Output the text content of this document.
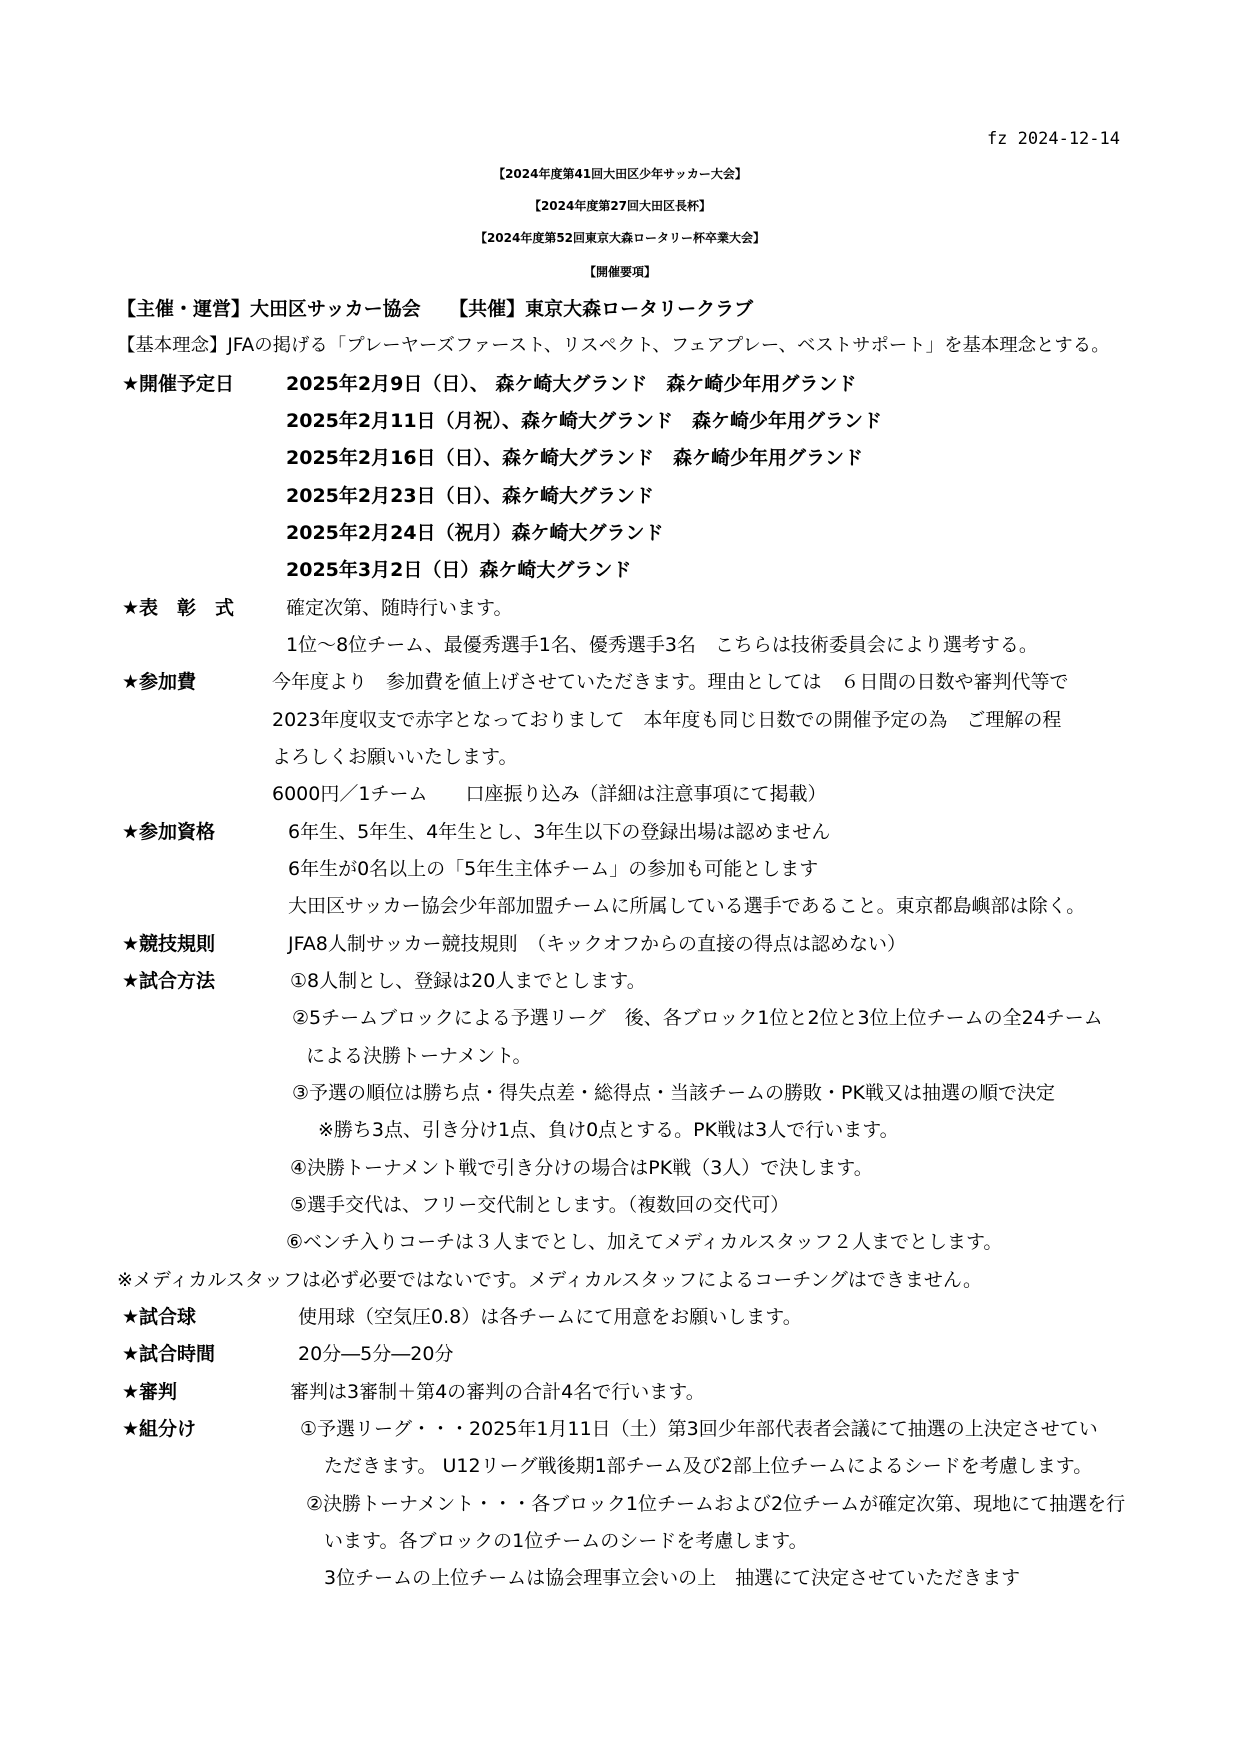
fz 2024-12-14
【2024年度第41回大田区少年サッカー大会】
【2024年度第27回大田区長杯】
【2024年度第52回東京大森ロータリー杯卒業大会】
【開催要項】
【主催・運営】大田区サッカー協会　　【共催】東京大森ロータリークラブ
【基本理念】JFAの掲げる「プレーヤーズファースト、リスペクト、フェアプレー、ベストサポート」を基本理念とする。
★開催予定日	2025年2月9日（日）、 森ケ崎大グランド　森ケ崎少年用グランド
2025年2月11日（月祝）、森ケ崎大グランド　森ケ崎少年用グランド
2025年2月16日（日）、森ケ崎大グランド　森ケ崎少年用グランド
2025年2月23日（日）、森ケ崎大グランド
2025年2月24日（祝月）森ケ崎大グランド
2025年3月2日（日）森ケ崎大グランド
★表　彰　式	確定次第、随時行います。
1位～8位チーム、最優秀選手1名、優秀選手3名　こちらは技術委員会により選考する。
★参加費	今年度より　参加費を値上げさせていただきます。理由としては　６日間の日数や審判代等で
2023年度収支で赤字となっておりまして　本年度も同じ日数での開催予定の為　ご理解の程
よろしくお願いいたします。
6000円／1チーム　　口座振り込み（詳細は注意事項にて掲載）
★参加資格	6年生、5年生、4年生とし、3年生以下の登録出場は認めません
6年生が0名以上の「5年生主体チーム」の参加も可能とします
大田区サッカー協会少年部加盟チームに所属している選手であること。東京都島嶼部は除く。
★競技規則	JFA8人制サッカー競技規則　（キックオフからの直接の得点は認めない）
★試合方法	①8人制とし、登録は20人までとします。
②5チームブロックによる予選リーグ　後、各ブロック1位と2位と3位上位チームの全24チーム
による決勝トーナメント。
③予選の順位は勝ち点・得失点差・総得点・当該チームの勝敗・PK戦又は抽選の順で決定
※勝ち3点、引き分け1点、負け0点とする。PK戦は3人で行います。
④決勝トーナメント戦で引き分けの場合はPK戦（3人）で決します。
⑤選手交代は、フリー交代制とします。（複数回の交代可）
⑥ベンチ入りコーチは３人までとし、加えてメディカルスタッフ２人までとします。
※メディカルスタッフは必ず必要ではないです。メディカルスタッフによるコーチングはできません。
★試合球	使用球（空気圧0.8）は各チームにて用意をお願いします。
★試合時間	20分―5分―20分
★審判	審判は3審制＋第4の審判の合計4名で行います。
★組分け	①予選リーグ・・・2025年1月11日（土）第3回少年部代表者会議にて抽選の上決定させてい
ただきます。 U12リーグ戦後期1部チーム及び2部上位チームによるシードを考慮します。
②決勝トーナメント・・・各ブロック1位チームおよび2位チームが確定次第、現地にて抽選を行
います。各ブロックの1位チームのシードを考慮します。
3位チームの上位チームは協会理事立会いの上　抽選にて決定させていただきます
